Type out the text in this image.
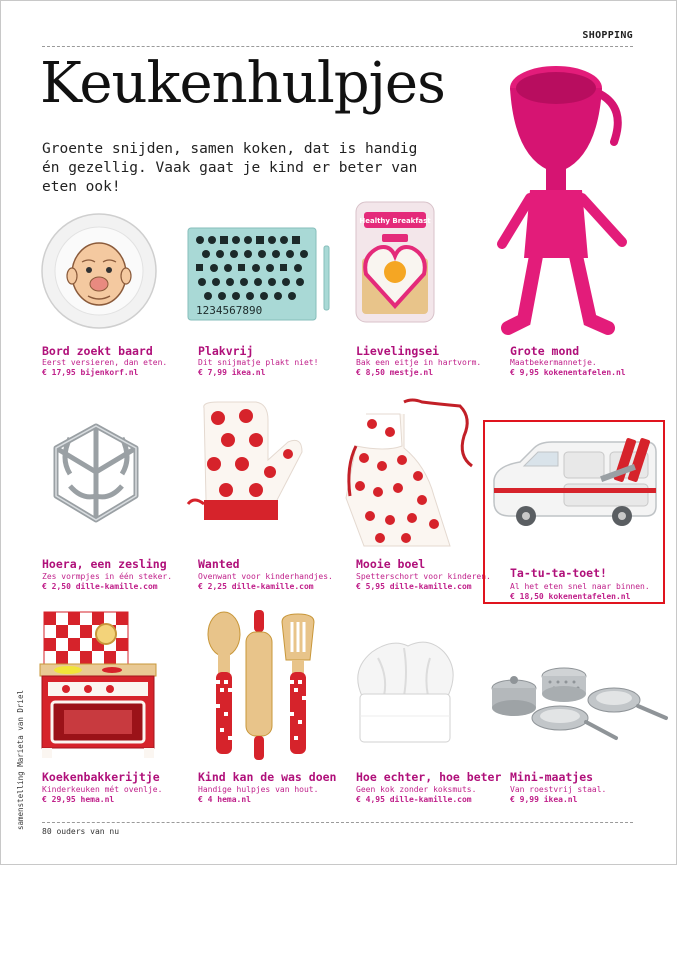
SHOPPING
Keukenhulpjes

Groente snijden, samen koken, dat is handig én gezellig. Vaak gaat je kind er beter van eten ook!

Bord zoekt baard
Eerst versieren, dan eten.
€ 17,95 bijenkorf.nl
1234567890
Plakvrij
Dit snijmatje plakt niet!
€ 7,99 ikea.nl
Healthy Breakfast
Lievelingsei
Bak een eitje in hartvorm.
€ 8,50 mestje.nl
Grote mond
Maatbekermannetje.
€ 9,95 kokenentafelen.nl
Hoera, een zesling
Zes vormpjes in één steker.
€ 2,50 dille-kamille.com
Wanted
Ovenwant voor kinderhandjes.
€ 2,25 dille-kamille.com
Mooie boel
Spetterschort voor kinderen.
€ 5,95 dille-kamille.com
Ta-tu-ta-toet!
Al het eten snel naar binnen.
€ 18,50 kokenentafelen.nl
Koekenbakkerijtje
Kinderkeuken mét ovenlje.
€ 29,95 hema.nl
Kind kan de was doen
Handige hulpjes van hout.
€ 4 hema.nl
Hoe echter, hoe beter
Geen kok zonder koksmuts.
€ 4,95 dille-kamille.com
Mini-maatjes
Van roestvrij staal.
€ 9,99 ikea.nl
samenstelling Marieta van Driel
80 ouders van nu
